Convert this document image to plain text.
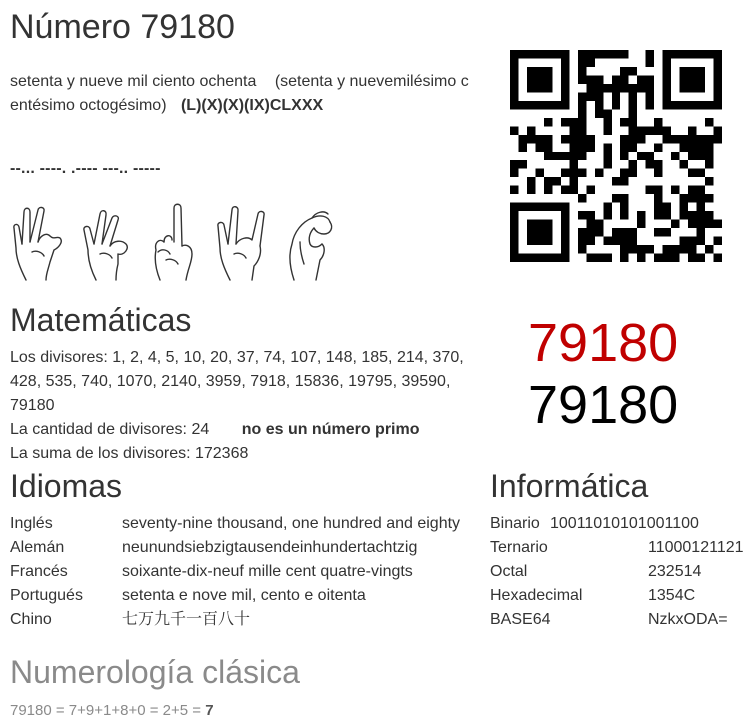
Número 79180
setenta y nueve mil ciento ochenta (setenta y nuevemilésimo centésimo octogésimo) (L)(X)(X)(IX)CLXXX
--... ----. .---- ---.. -----
79180
79180
Matemáticas
Los divisores: 1, 2, 4, 5, 10, 20, 37, 74, 107, 148, 185, 214, 370, 428, 535, 740, 1070, 2140, 3959, 7918, 15836, 19795, 39590, 79180
La cantidad de divisores: 24 no es un número primo
La suma de los divisores: 172368
Idiomas
Inglés	seventy-nine thousand, one hundred and eighty
Alemán	neunundsiebzigtausendeinhundertachtzig
Francés	soixante-dix-neuf mille cent quatre-vingts
Portugués	setenta e nove mil, cento e oitenta
Chino	七万九千一百八十
Informática
Binario 10011010101001100
Ternario	11000121121
Octal	232514
Hexadecimal	1354C
BASE64	NzkxODA=
Numerología clásica
79180 = 7+9+1+8+0 = 2+5 = 7
